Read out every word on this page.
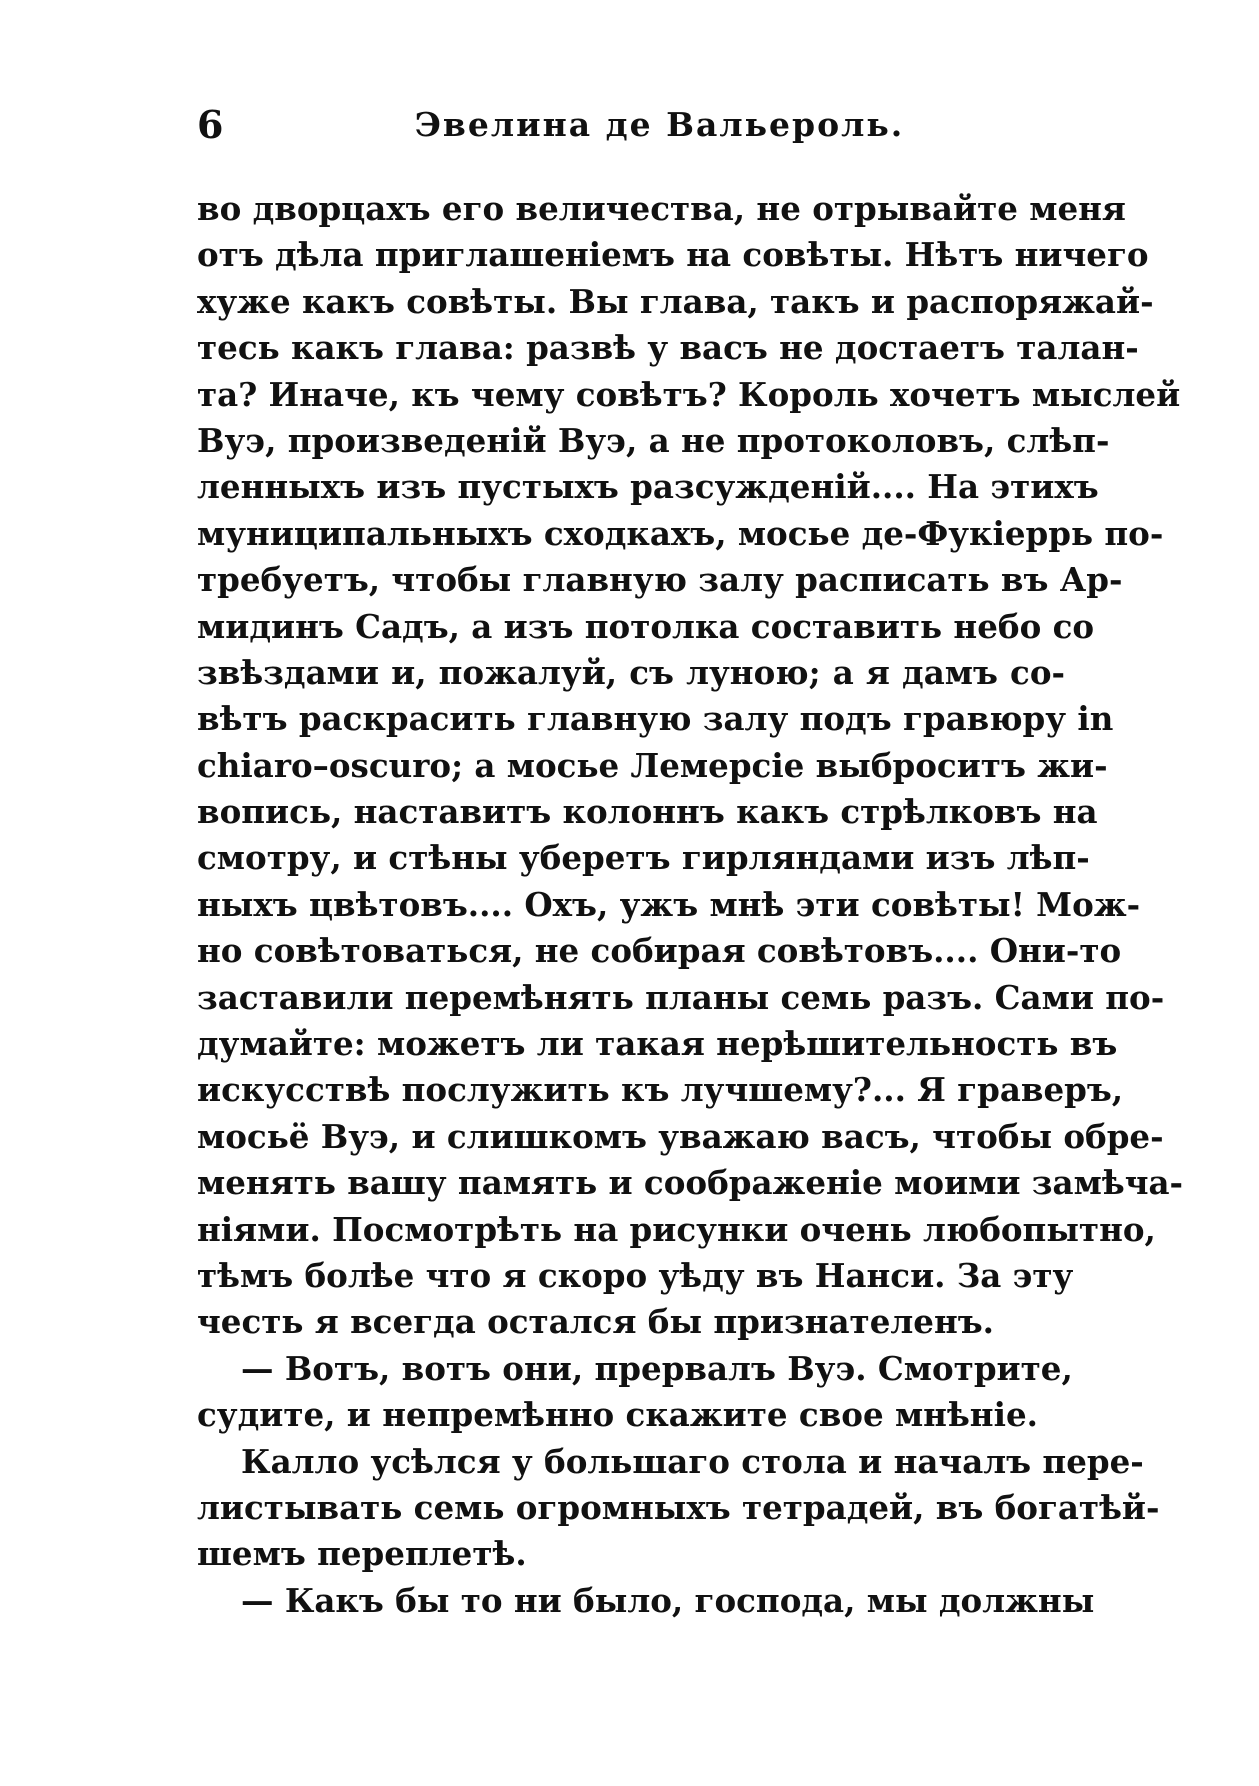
6	Эвелина де Вальероль.
во дворцахъ его величества, не отрывайте меня
отъ дѣла приглашеніемъ на совѣты. Нѣтъ ничего
хуже какъ совѣты. Вы глава, такъ и распоряжай-
тесь какъ глава: развѣ у васъ не достаетъ талан-
та? Иначе, къ чему совѣтъ? Король хочетъ мыслей
Вуэ, произведеній Вуэ, а не протоколовъ, слѣп-
ленныхъ изъ пустыхъ разсужденій.... На этихъ
муниципальныхъ сходкахъ, мосье де-Фукіеррь по-
требуетъ, чтобы главную залу расписать въ Ар-
мидинъ Садъ, а изъ потолка составить небо со
звѣздами и, пожалуй, съ луною; а я дамъ со-
вѣтъ раскрасить главную залу подъ гравюру in
chiaro–oscuro; а мосье Лемерсіе выброситъ жи-
вопись, наставитъ колоннъ какъ стрѣлковъ на
смотру, и стѣны уберетъ гирляндами изъ лѣп-
ныхъ цвѣтовъ.... Охъ, ужъ мнѣ эти совѣты! Мож-
но совѣтоваться, не собирая совѣтовъ.... Они-то
заставили перемѣнять планы семь разъ. Сами по-
думайте: можетъ ли такая нерѣшительность въ
искусствѣ послужить къ лучшему?... Я граверъ,
мосьё Вуэ, и слишкомъ уважаю васъ, чтобы обре-
менять вашу память и соображеніе моими замѣча-
ніями. Посмотрѣть на рисунки очень любопытно,
тѣмъ болѣе что я скоро уѣду въ Нанси. За эту
честь я всегда остался бы признателенъ.
— Вотъ, вотъ они, прервалъ Вуэ. Смотрите,
судите, и непремѣнно скажите свое мнѣніе.
Калло усѣлся у большаго стола и началъ пере-
листывать семь огромныхъ тетрадей, въ богатѣй-
шемъ переплетѣ.
— Какъ бы то ни было, господа, мы должны
